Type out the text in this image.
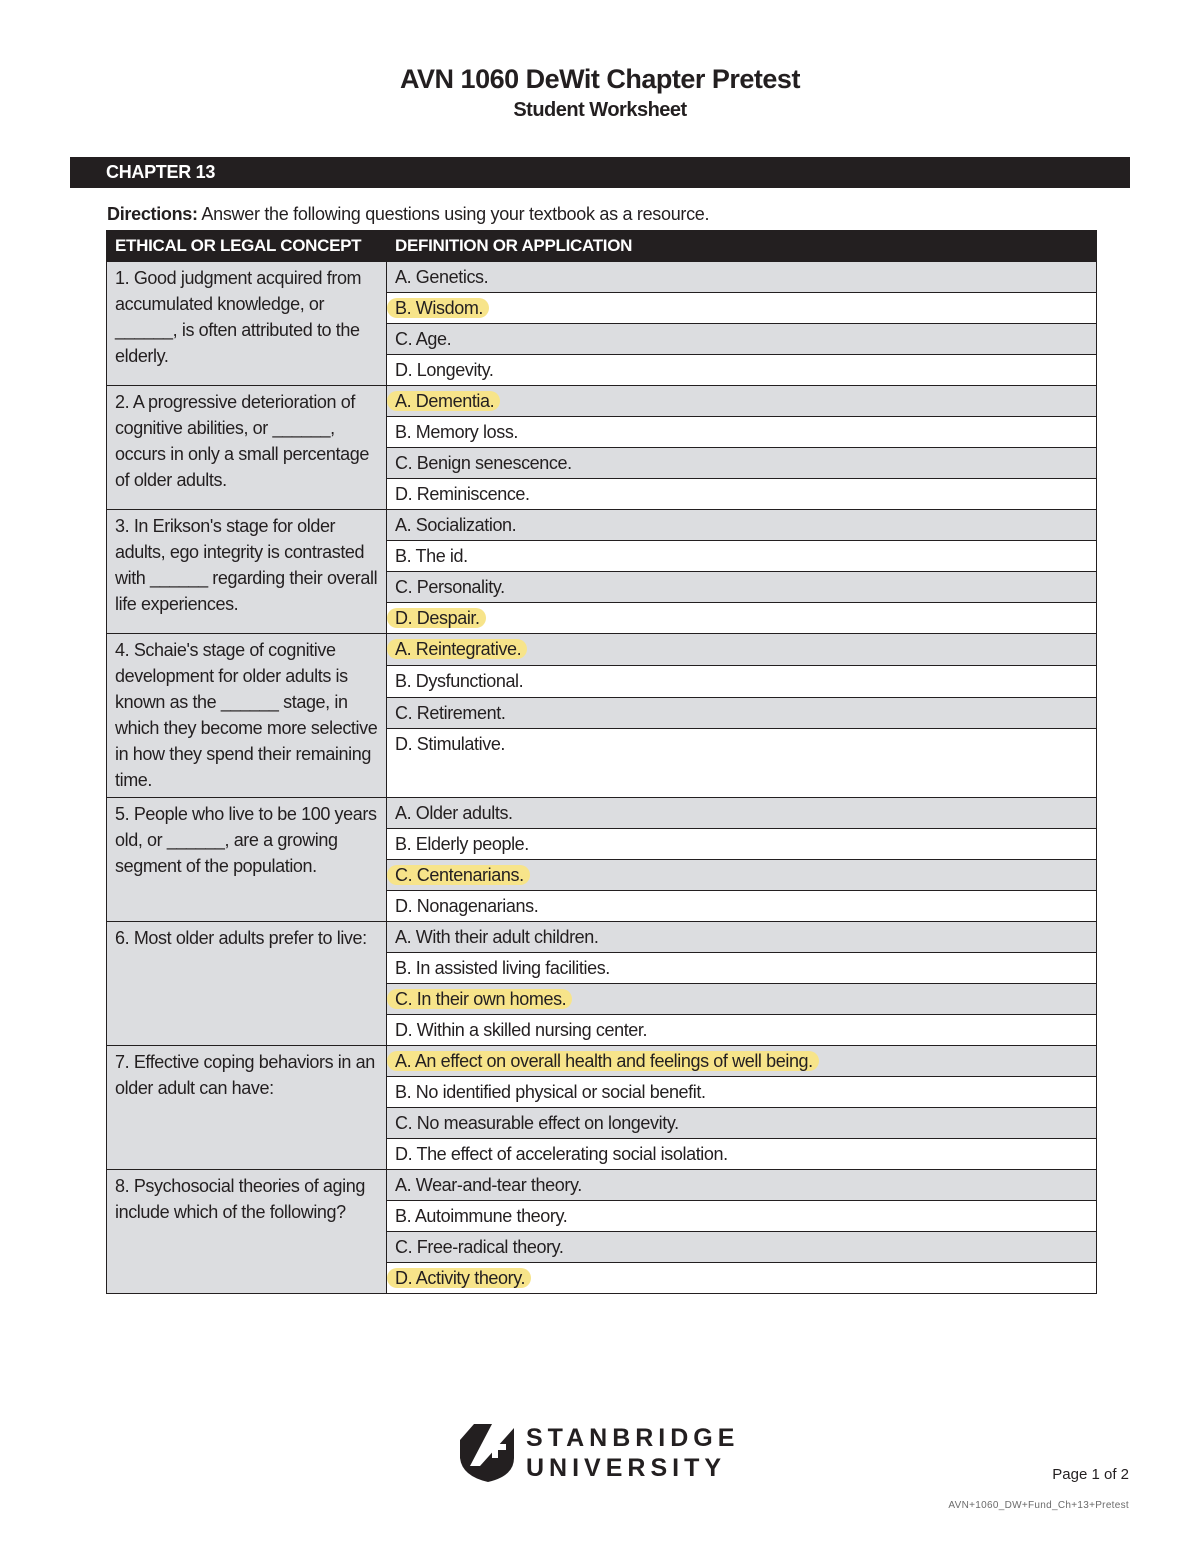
AVN 1060 DeWit Chapter Pretest
Student Worksheet
CHAPTER 13
Directions: Answer the following questions using your textbook as a resource.
ETHICAL OR LEGAL CONCEPT	DEFINITION OR APPLICATION
1. Good judgment acquired from accumulated knowledge, or ______, is often attributed to the elderly.	A. Genetics.
	B. Wisdom.
	C. Age.
	D. Longevity.
2. A progressive deterioration of cognitive abilities, or ______, occurs in only a small percentage of older adults.	A. Dementia.
	B. Memory loss.
	C. Benign senescence.
	D. Reminiscence.
3. In Erikson's stage for older adults, ego integrity is contrasted with ______ regarding their overall life experiences.	A. Socialization.
	B. The id.
	C. Personality.
	D. Despair.
4. Schaie's stage of cognitive development for older adults is known as the ______ stage, in which they become more selective in how they spend their remaining time.	A. Reintegrative.
	B. Dysfunctional.
	C. Retirement.
	D. Stimulative.
5. People who live to be 100 years old, or ______, are a growing segment of the population.	A. Older adults.
	B. Elderly people.
	C. Centenarians.
	D. Nonagenarians.
6. Most older adults prefer to live:	A. With their adult children.
	B. In assisted living facilities.
	C. In their own homes.
	D. Within a skilled nursing center.
7. Effective coping behaviors in an older adult can have:	A. An effect on overall health and feelings of well being.
	B. No identified physical or social benefit.
	C. No measurable effect on longevity.
	D. The effect of accelerating social isolation.
8. Psychosocial theories of aging include which of the following?	A. Wear-and-tear theory.
	B. Autoimmune theory.
	C. Free-radical theory.
	D. Activity theory.
STANBRIDGE
UNIVERSITY	Page 1 of 2
AVN+1060_DW+Fund_Ch+13+Pretest
